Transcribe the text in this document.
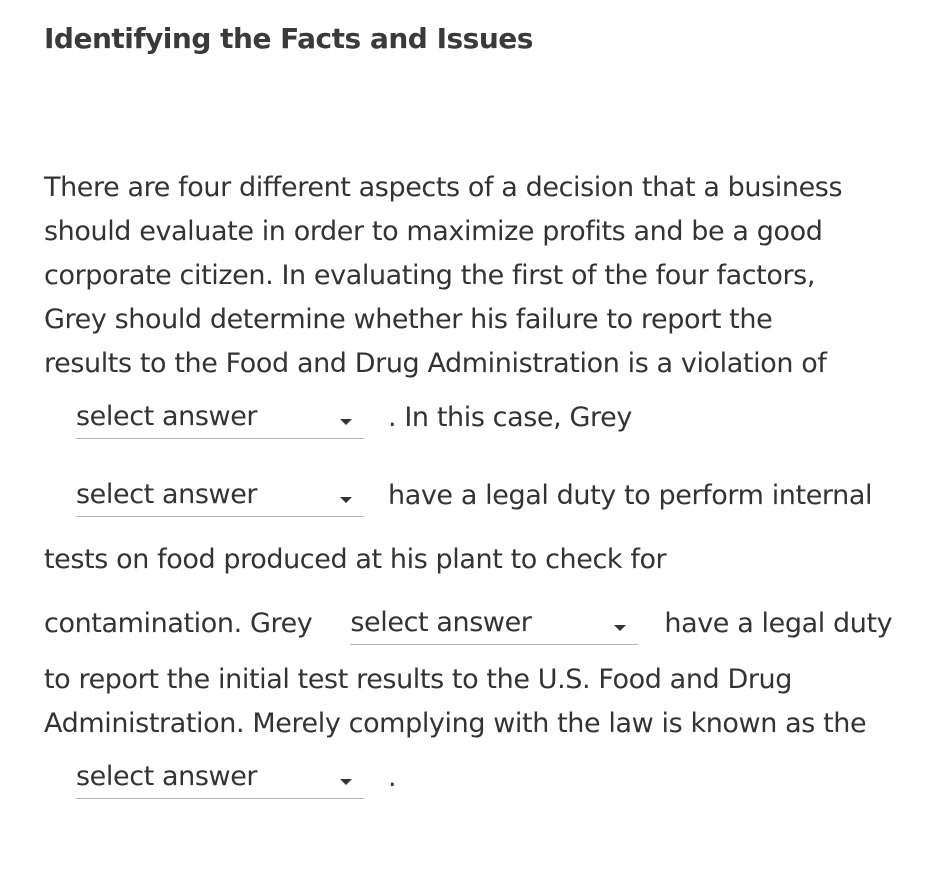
Identifying the Facts and Issues
There are four different aspects of a decision that a business
should evaluate in order to maximize profits and be a good
corporate citizen. In evaluating the first of the four factors,
Grey should determine whether his failure to report the
results to the Food and Drug Administration is a violation of
select answer	. In this case, Grey
select answer	have a legal duty to perform internal
tests on food produced at his plant to check for
contamination. Grey select answer	have a legal duty
to report the initial test results to the U.S. Food and Drug
Administration. Merely complying with the law is known as the
select answer	.
